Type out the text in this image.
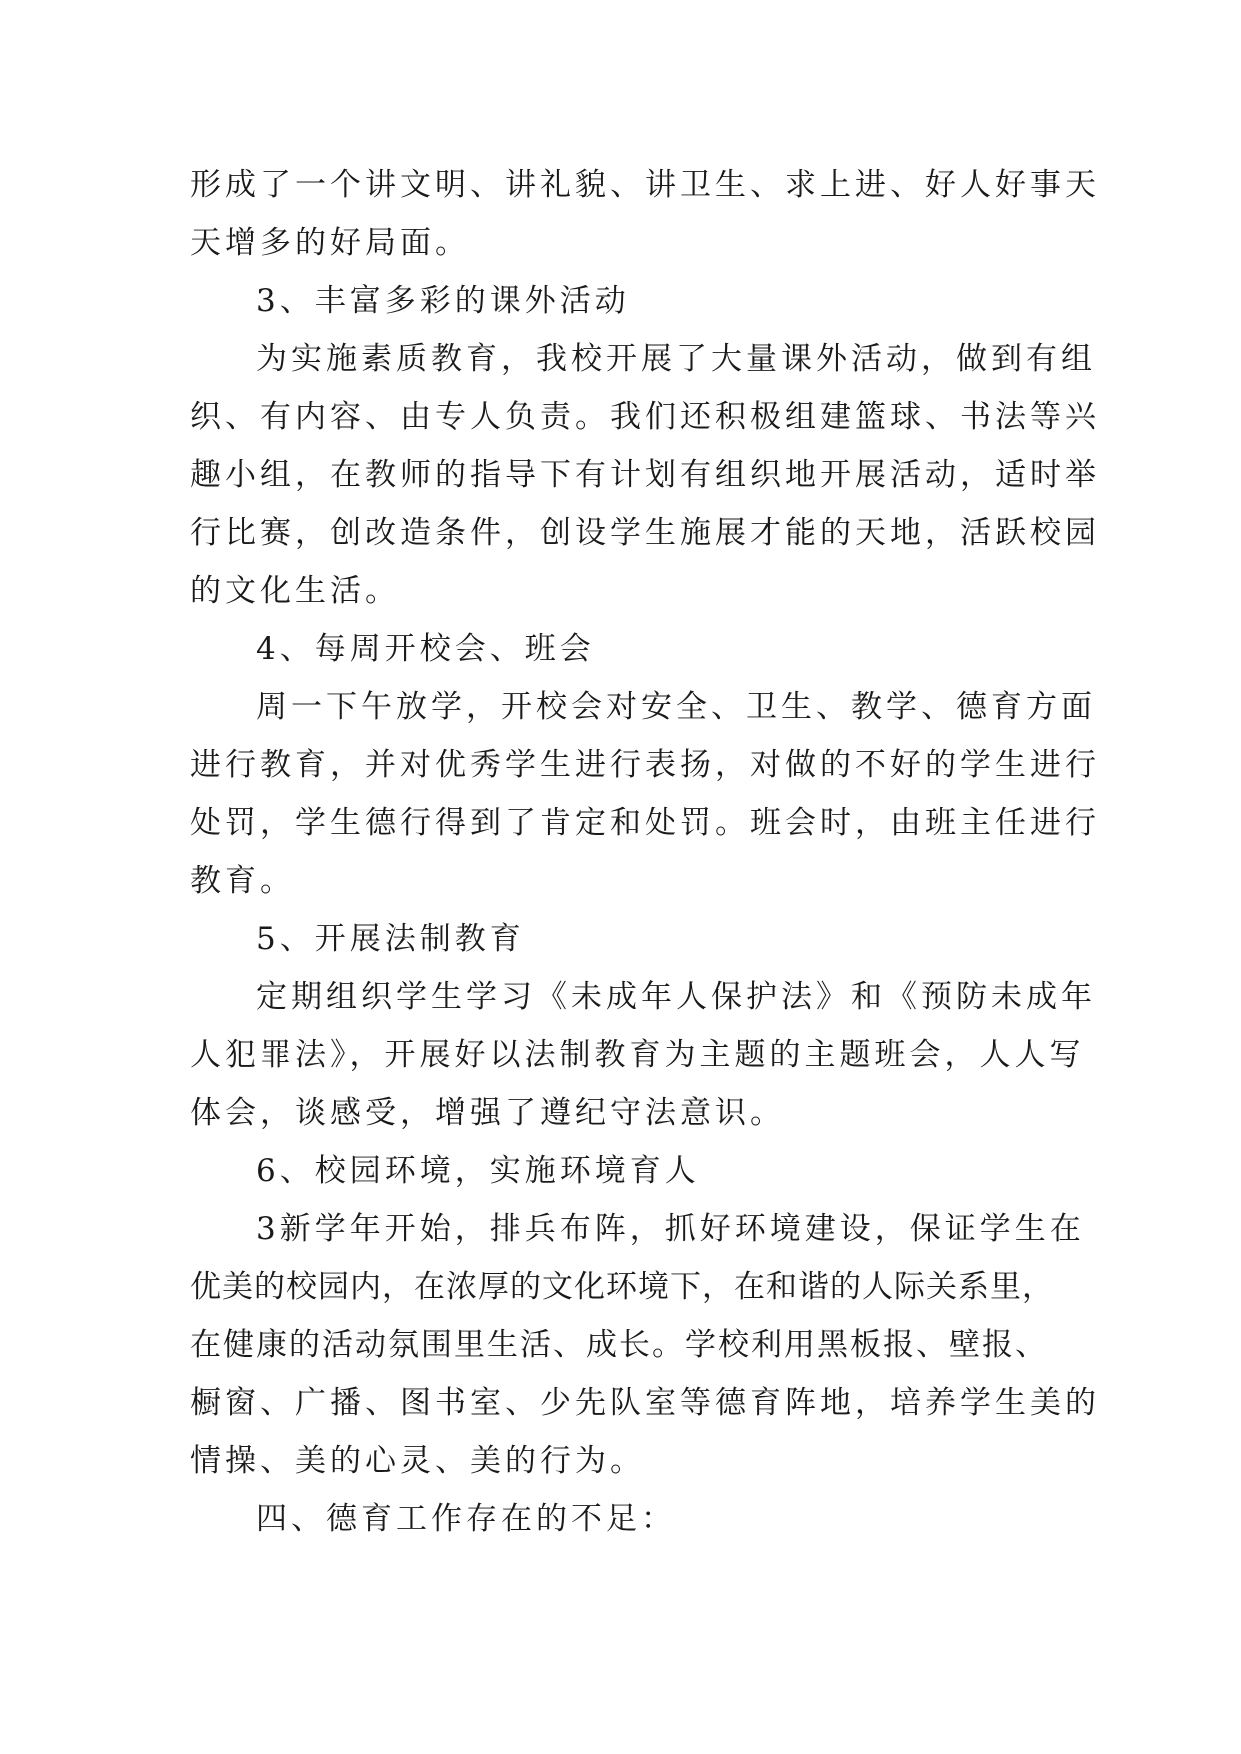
形成了一个讲文明、讲礼貌、讲卫生、求上进、好人好事天
天增多的好局面。
3、丰富多彩的课外活动
为实施素质教育，我校开展了大量课外活动，做到有组
织、有内容、由专人负责。我们还积极组建篮球、书法等兴
趣小组，在教师的指导下有计划有组织地开展活动，适时举
行比赛，创改造条件，创设学生施展才能的天地，活跃校园
的文化生活。
4、每周开校会、班会
周一下午放学，开校会对安全、卫生、教学、德育方面
进行教育，并对优秀学生进行表扬，对做的不好的学生进行
处罚，学生德行得到了肯定和处罚。班会时，由班主任进行
教育。
5、开展法制教育
定期组织学生学习《未成年人保护法》和《预防未成年
人犯罪法》，开展好以法制教育为主题的主题班会，人人写
体会，谈感受，增强了遵纪守法意识。
6、校园环境，实施环境育人
3新学年开始，排兵布阵，抓好环境建设，保证学生在
优美的校园内，在浓厚的文化环境下，在和谐的人际关系里，
在健康的活动氛围里生活、成长。学校利用黑板报、壁报、
橱窗、广播、图书室、少先队室等德育阵地，培养学生美的
情操、美的心灵、美的行为。
四、德育工作存在的不足：
